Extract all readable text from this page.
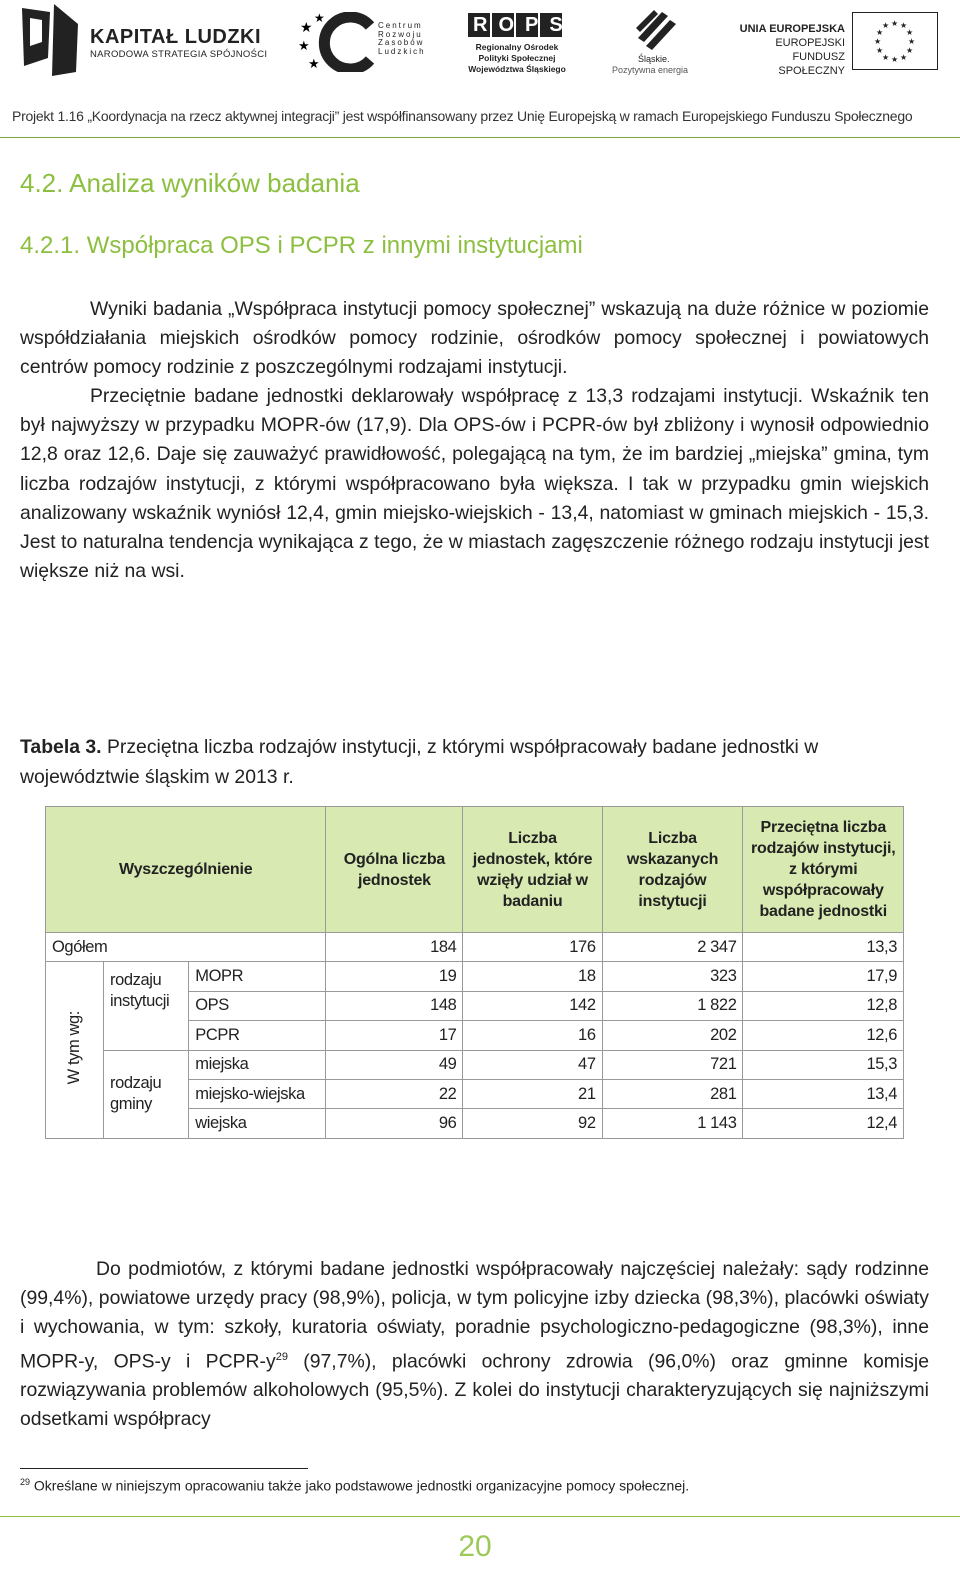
KAPITAŁ LUDZKI
NARODOWA STRATEGIA SPÓJNOŚCI
★
★
★
★ ★
Centrum
Rozwoju
Zasobów
Ludzkich
ROPS
Regionalny Ośrodek
Polityki Społecznej
Województwa Śląskiego
Śląskie.
Pozytywna energia
UNIA EUROPEJSKA
EUROPEJSKI
FUNDUSZ SPOŁECZNY
★ ★
★
★
★
★
★
★
★
★
★
★
Projekt 1.16 „Koordynacja na rzecz aktywnej integracji” jest współfinansowany przez Unię Europejską w ramach Europejskiego Funduszu Społecznego
4.2. Analiza wyników badania
4.2.1. Współpraca OPS i PCPR z innymi instytucjami
Wyniki badania „Współpraca instytucji pomocy społecznej” wskazują na duże różnice w poziomie współdziałania miejskich ośrodków pomocy rodzinie, ośrodków pomocy społecznej i powiatowych centrów pomocy rodzinie z poszczególnymi rodzajami instytucji.
Przeciętnie badane jednostki deklarowały współpracę z 13,3 rodzajami instytucji. Wskaźnik ten był najwyższy w przypadku MOPR-ów (17,9). Dla OPS-ów i PCPR-ów był zbliżony i wynosił odpowiednio 12,8 oraz 12,6. Daje się zauważyć prawidłowość, polegającą na tym, że im bardziej „miejska” gmina, tym liczba rodzajów instytucji, z którymi współpracowano była większa. I tak w przypadku gmin wiejskich analizowany wskaźnik wyniósł 12,4, gmin miejsko-wiejskich - 13,4, natomiast w gminach miejskich - 15,3. Jest to naturalna tendencja wynikająca z tego, że w miastach zagęszczenie różnego rodzaju instytucji jest większe niż na wsi.
Tabela 3. Przeciętna liczba rodzajów instytucji, z którymi współpracowały badane jednostki w województwie śląskim w 2013 r.
Wyszczególnienie			Ogólna liczba jednostek	Liczba jednostek, które wzięły udział w badaniu	Liczba wskazanych rodzajów instytucji	Przeciętna liczba rodzajów instytucji, z którymi współpracowały badane jednostki
Ogółem			184	176	2 347	13,3
W tym wg:	rodzaju instytucji	MOPR	19	18	323	17,9
		OPS	148	142	1 822	12,8
		PCPR	17	16	202	12,6
	rodzaju gminy	miejska	49	47	721	15,3
		miejsko-wiejska	22	21	281	13,4
		wiejska	96	92	1 143	12,4
Do podmiotów, z którymi badane jednostki współpracowały najczęściej należały: sądy rodzinne (99,4%), powiatowe urzędy pracy (98,9%), policja, w tym policyjne izby dziecka (98,3%), placówki oświaty i wychowania, w tym: szkoły, kuratoria oświaty, poradnie psychologiczno-pedagogiczne (98,3%), inne MOPR-y, OPS-y i PCPR-$y^{29}$ (97,7%), placówki ochrony zdrowia (96,0%) oraz gminne komisje rozwiązywania problemów alkoholowych (95,5%). Z kolei do instytucji charakteryzujących się najniższymi odsetkami współpracy
$^{29}$ Określane w niniejszym opracowaniu także jako podstawowe jednostki organizacyjne pomocy społecznej.
20
